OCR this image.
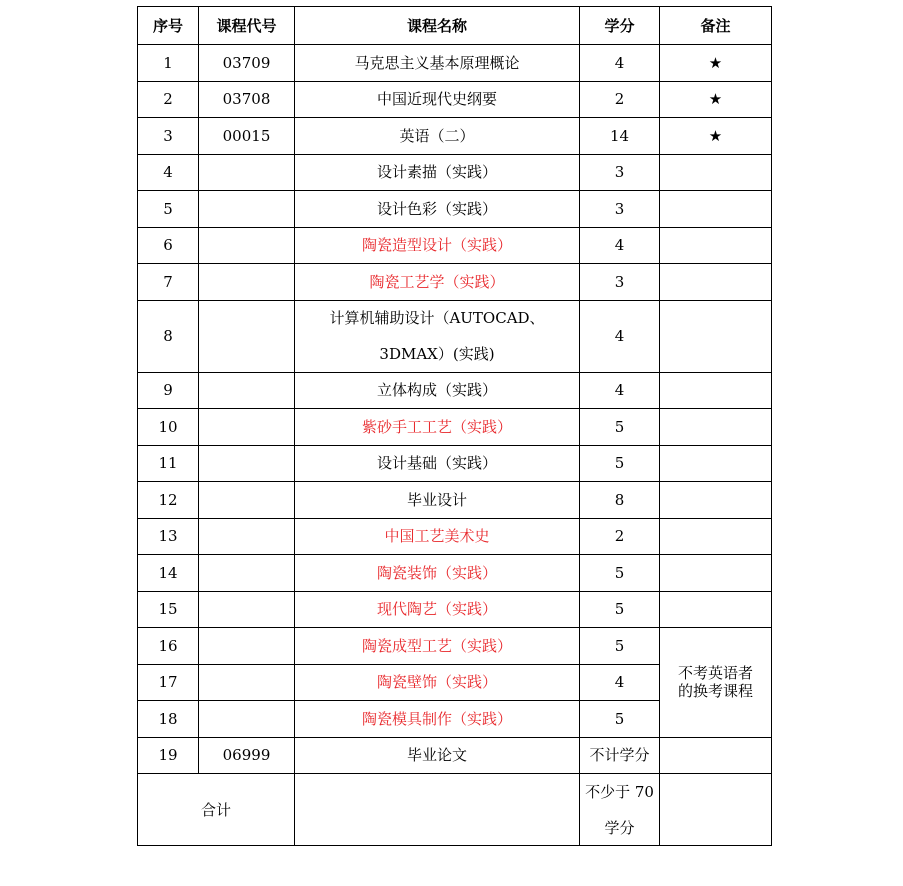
序号	课程代号	课程名称	学分	备注
1	03709	马克思主义基本原理概论	4	★
2	03708	中国近现代史纲要	2	★
3	00015	英语（二）	14	★
4		设计素描（实践）	3	
5		设计色彩（实践）	3	
6		陶瓷造型设计（实践）	4	
7		陶瓷工艺学（实践）	3	
8		计算机辅助设计（AUTOCAD、
3DMAX）(实践)	4	
9		立体构成（实践）	4	
10		紫砂手工工艺（实践）	5	
11		设计基础（实践）	5	
12		毕业设计	8	
13		中国工艺美术史	2	
14		陶瓷装饰（实践）	5	
15		现代陶艺（实践）	5	
16		陶瓷成型工艺（实践）	5	不考英语者
的换考课程

17		陶瓷壁饰（实践）	4	
18		陶瓷模具制作（实践）	5	
19	06999	毕业论文	不计学分	
合计			不少于 70
学分	
